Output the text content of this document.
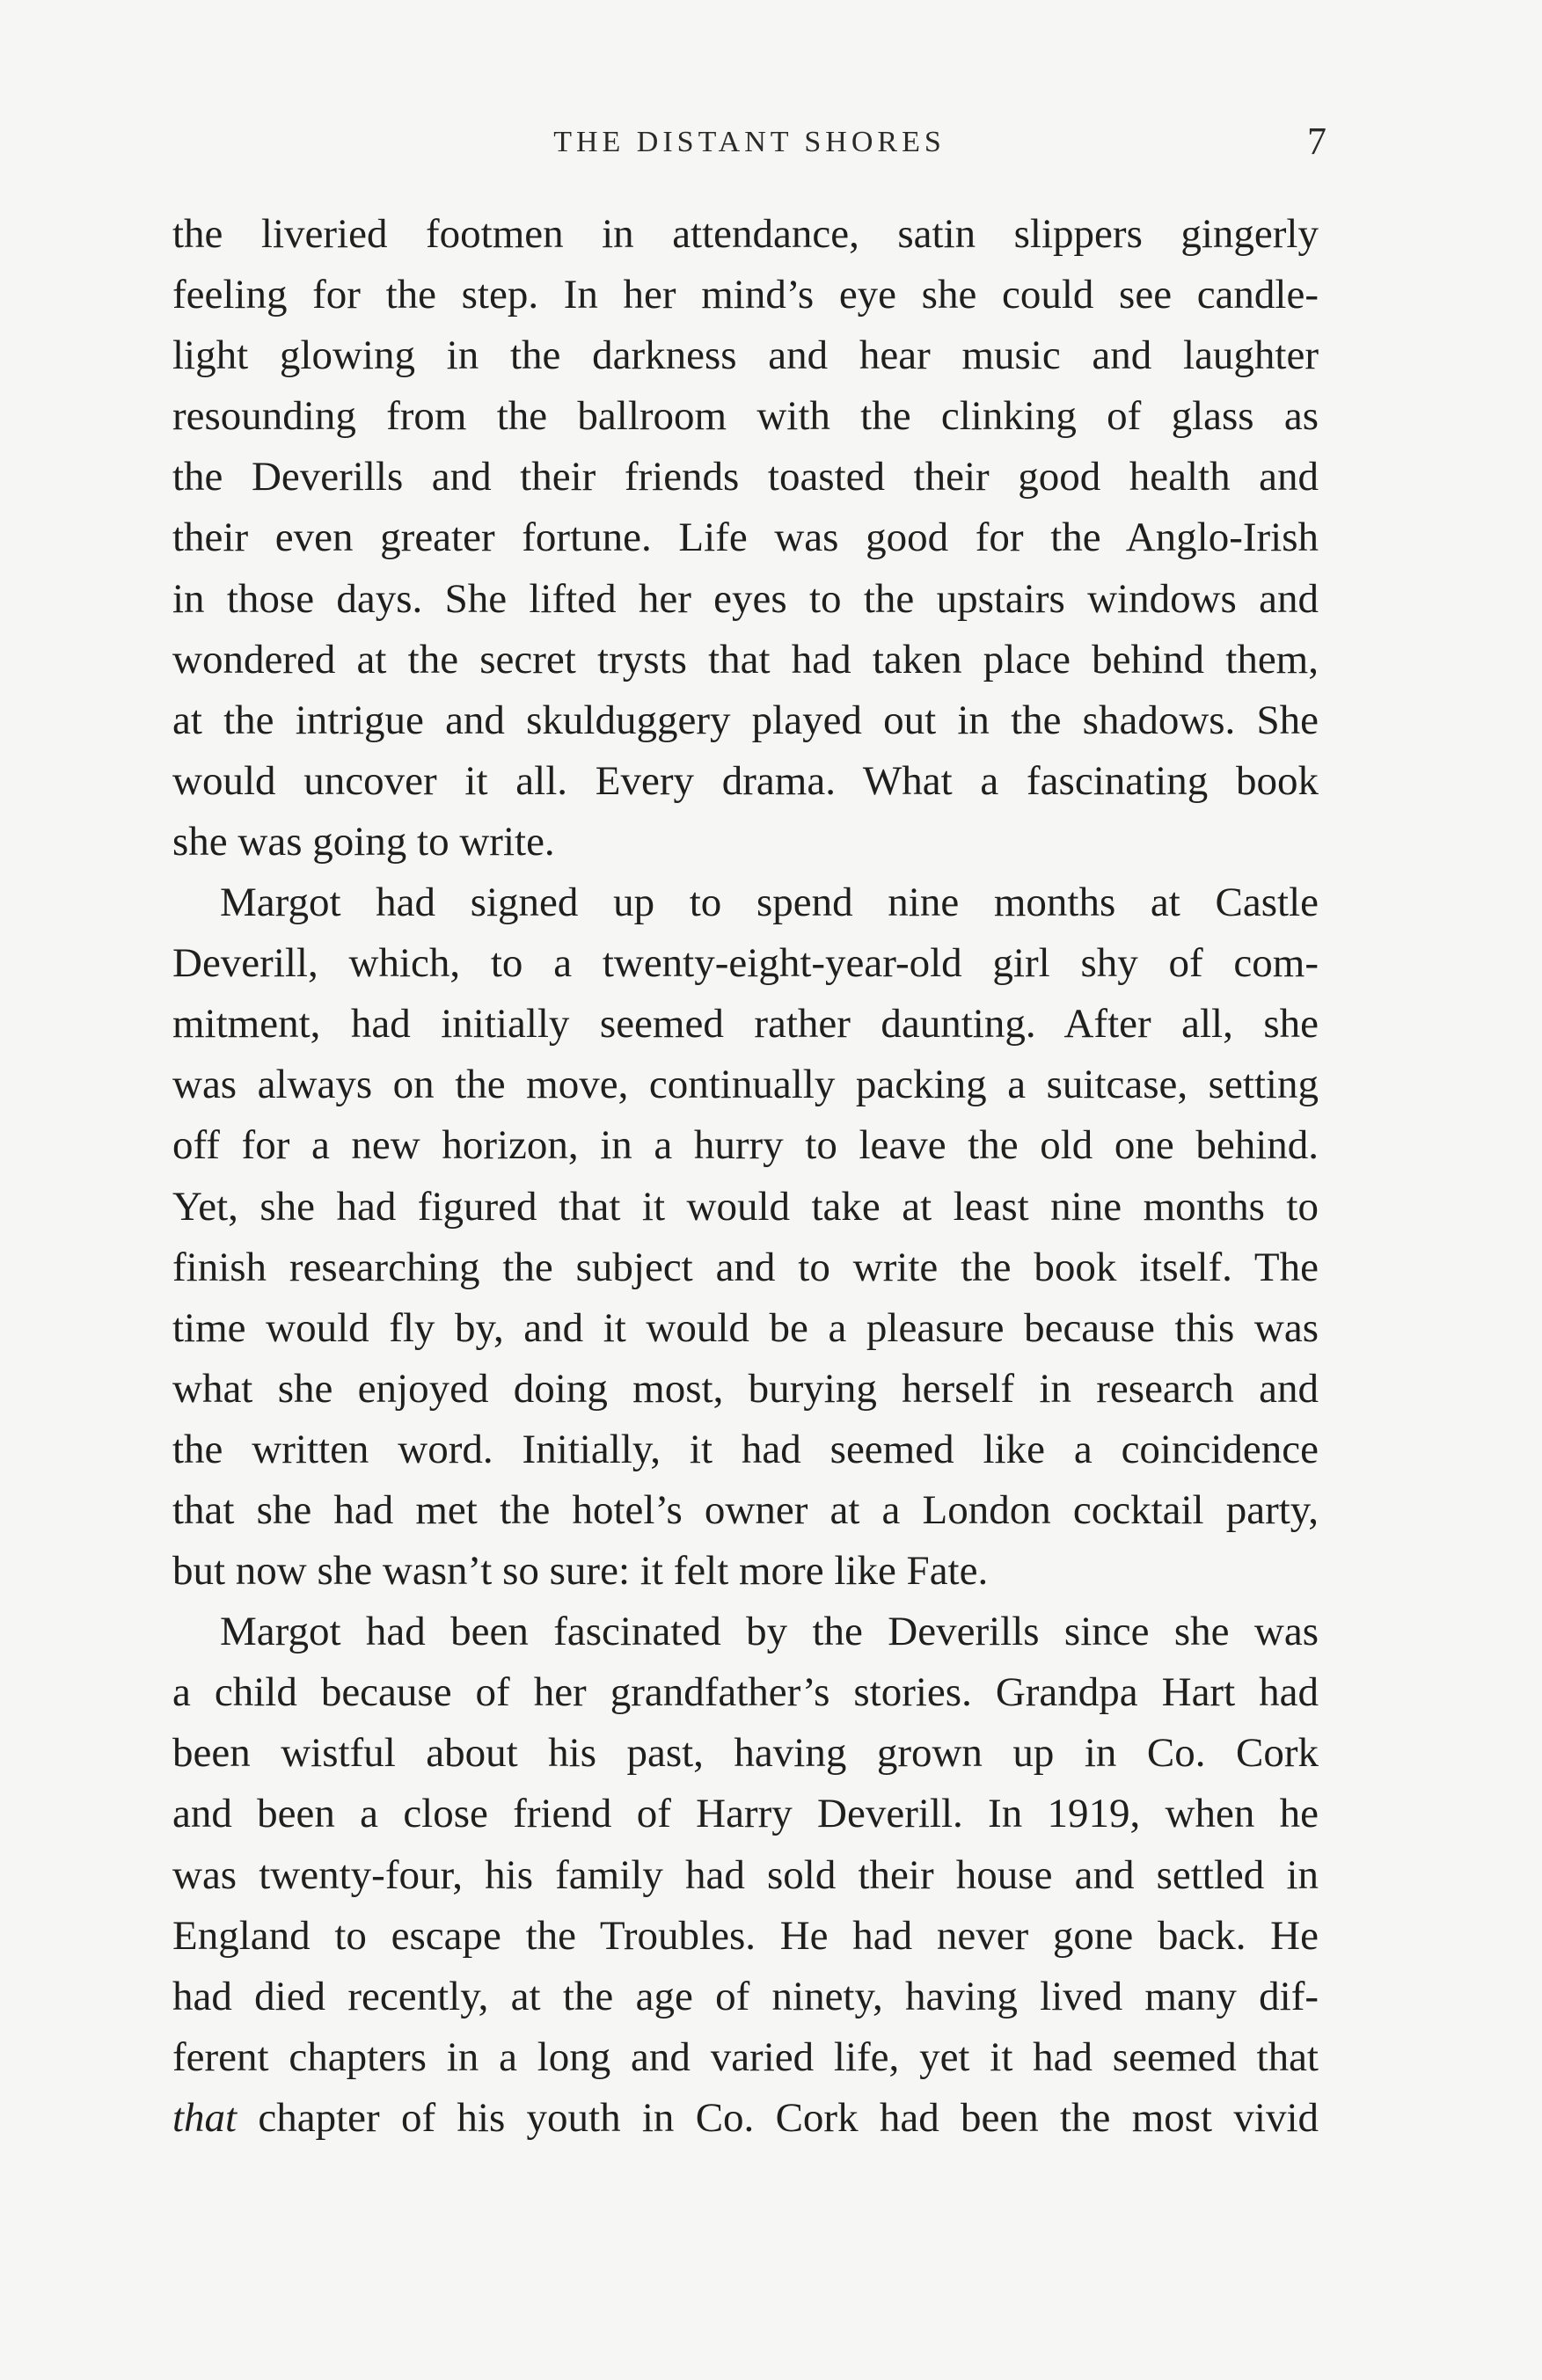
THE DISTANT SHORES	7
the liveried footmen in attendance, satin slippers gingerly
feeling for the step. In her mind’s eye she could see candle-
light glowing in the darkness and hear music and laughter
resounding from the ballroom with the clinking of glass as
the Deverills and their friends toasted their good health and
their even greater fortune. Life was good for the Anglo-Irish
in those days. She lifted her eyes to the upstairs windows and
wondered at the secret trysts that had taken place behind them,
at the intrigue and skulduggery played out in the shadows. She
would uncover it all. Every drama. What a fascinating book
she was going to write.
Margot had signed up to spend nine months at Castle
Deverill, which, to a twenty-eight-year-old girl shy of com-
mitment, had initially seemed rather daunting. After all, she
was always on the move, continually packing a suitcase, setting
off for a new horizon, in a hurry to leave the old one behind.
Yet, she had figured that it would take at least nine months to
finish researching the subject and to write the book itself. The
time would fly by, and it would be a pleasure because this was
what she enjoyed doing most, burying herself in research and
the written word. Initially, it had seemed like a coincidence
that she had met the hotel’s owner at a London cocktail party,
but now she wasn’t so sure: it felt more like Fate.
Margot had been fascinated by the Deverills since she was
a child because of her grandfather’s stories. Grandpa Hart had
been wistful about his past, having grown up in Co. Cork
and been a close friend of Harry Deverill. In 1919, when he
was twenty-four, his family had sold their house and settled in
England to escape the Troubles. He had never gone back. He
had died recently, at the age of ninety, having lived many dif-
ferent chapters in a long and varied life, yet it had seemed that
that chapter of his youth in Co. Cork had been the most vivid
